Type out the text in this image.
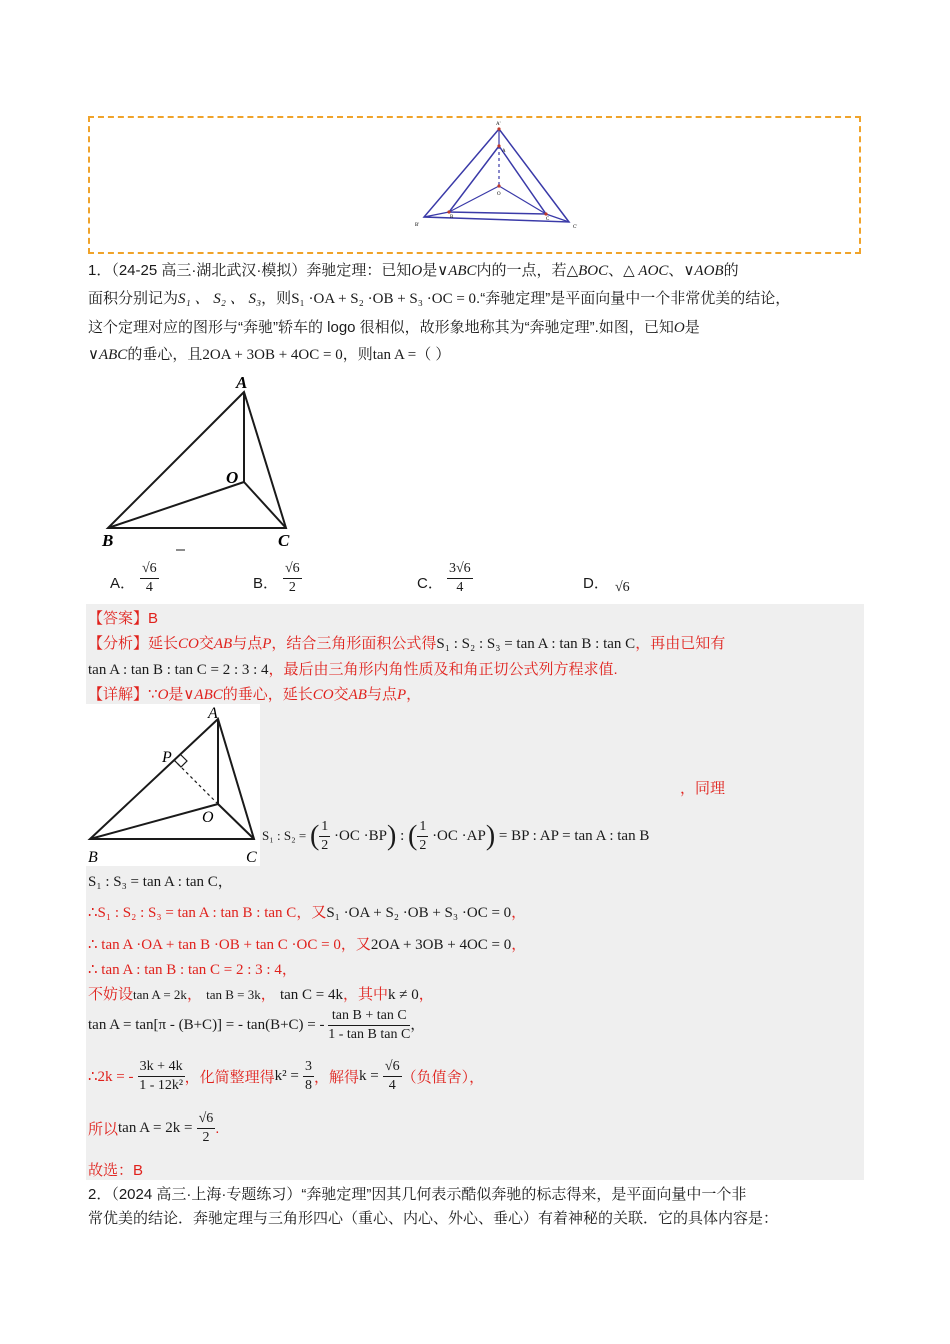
A'
A
O
B'
B	C
C'
1．（24-25 高三·湖北武汉·模拟）奔驰定理：已知O是∨ABC内的一点，若△BOC、△ AOC、∨AOB的
面积分别记为S₁ 、 S₂ 、 S₃，则S₁ ·OA + S₂ ·OB + S₃ ·OC = 0.“奔驰定理”是平面向量中一个非常优美的结论，
这个定理对应的图形与“奔驰”轿车的 logo 很相似，故形象地称其为“奔驰定理”.如图，已知O是
∨ABC的垂心，且2OA + 3OB + 4OC = 0，则tan A =（ ）
A
O
B	C
A． $\frac{√6}{4}$	B． $\frac{√6}{2}$	C． $\frac{3√6}{4}$	D． √6
【答案】B
【分析】延长CO交AB与点P，结合三角形面积公式得S₁ : S₂ : S₃ = tan A : tan B : tan C，再由已知有
tan A : tan B : tan C = 2 : 3 : 4，最后由三角形内角性质及和角正切公式列方程求值.
【详解】∵O是∨ABC的垂心，延长CO交AB与点P，
A
P
O
B	C
，同理
S₁ : S₂ = ( $\frac{1}{2} \cdot OC \cdot BP$) : ( $\frac{1}{2} \cdot OC \cdot AP$) = BP : AP = tan A : tan B
S₁ : S₃ = tan A : tan C，
∴S₁ : S₂ : S₃ = tan A : tan B : tan C，又S₁ ·OA + S₂ ·OB + S₃ ·OC = 0，
∴ tan A ·OA + tan B ·OB + tan C ·OC = 0，又2OA + 3OB + 4OC = 0，
∴ tan A : tan B : tan C = 2 : 3 : 4，
不妨设tan A = 2k， tan B = 3k， tan C = 4k，其中k ≠ 0，
tan A = tan[π - (B+C)] = - tan(B+C) = - $\frac{\text{tan B + tan C}}{\text{1 - tan B tan C}}$ ，
∴2k = - $\frac{3k + 4k}{\text{1 - 12k²}}$ ，化简整理得$k^2 = \frac{3}{8}$ ，解得$k = \frac{√6}{4}$ （负值舍），
所以$\tan A = 2k = \frac{√6}{2}$ .
故选：B
2．（2024 高三·上海·专题练习）“奔驰定理”因其几何表示酷似奔驰的标志得来，是平面向量中一个非
常优美的结论．奔驰定理与三角形四心（重心、内心、外心、垂心）有着神秘的关联．它的具体内容是：
